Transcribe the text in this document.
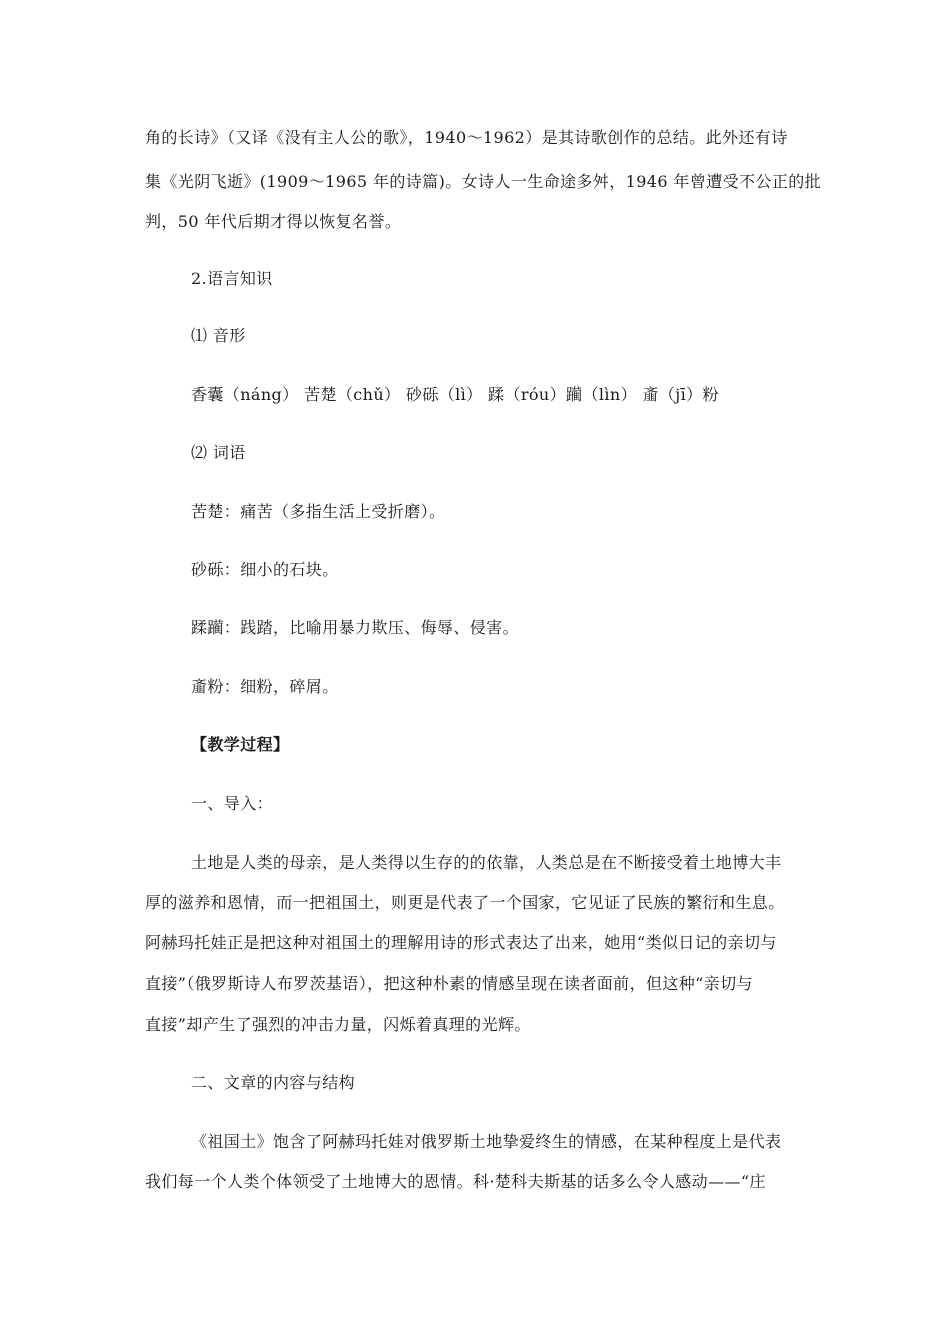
角的长诗》（又译《没有主人公的歌》，1940～1962）是其诗歌创作的总结。此外还有诗
集《光阴飞逝》(1909～1965 年的诗篇)。女诗人一生命途多舛，1946 年曾遭受不公正的批
判，50 年代后期才得以恢复名誉。
2.语言知识
⑴ 音形
香囊（náng） 苦楚（chǔ） 砂砾（lì） 蹂（róu）躏（lìn） 齑（jī）粉
⑵ 词语
苦楚：痛苦（多指生活上受折磨）。
砂砾：细小的石块。
蹂躏：践踏，比喻用暴力欺压、侮辱、侵害。
齑粉：细粉，碎屑。
【教学过程】
一、导入：
土地是人类的母亲，是人类得以生存的的依靠，人类总是在不断接受着土地博大丰
厚的滋养和恩情，而一把祖国土，则更是代表了一个国家，它见证了民族的繁衍和生息。
阿赫玛托娃正是把这种对祖国土的理解用诗的形式表达了出来，她用“类似日记的亲切与
直接”（俄罗斯诗人布罗茨基语），把这种朴素的情感呈现在读者面前，但这种“亲切与
直接”却产生了强烈的冲击力量，闪烁着真理的光辉。
二、文章的内容与结构
《祖国土》饱含了阿赫玛托娃对俄罗斯土地挚爱终生的情感，在某种程度上是代表
我们每一个人类个体领受了土地博大的恩情。科·楚科夫斯基的话多么令人感动——“庄
